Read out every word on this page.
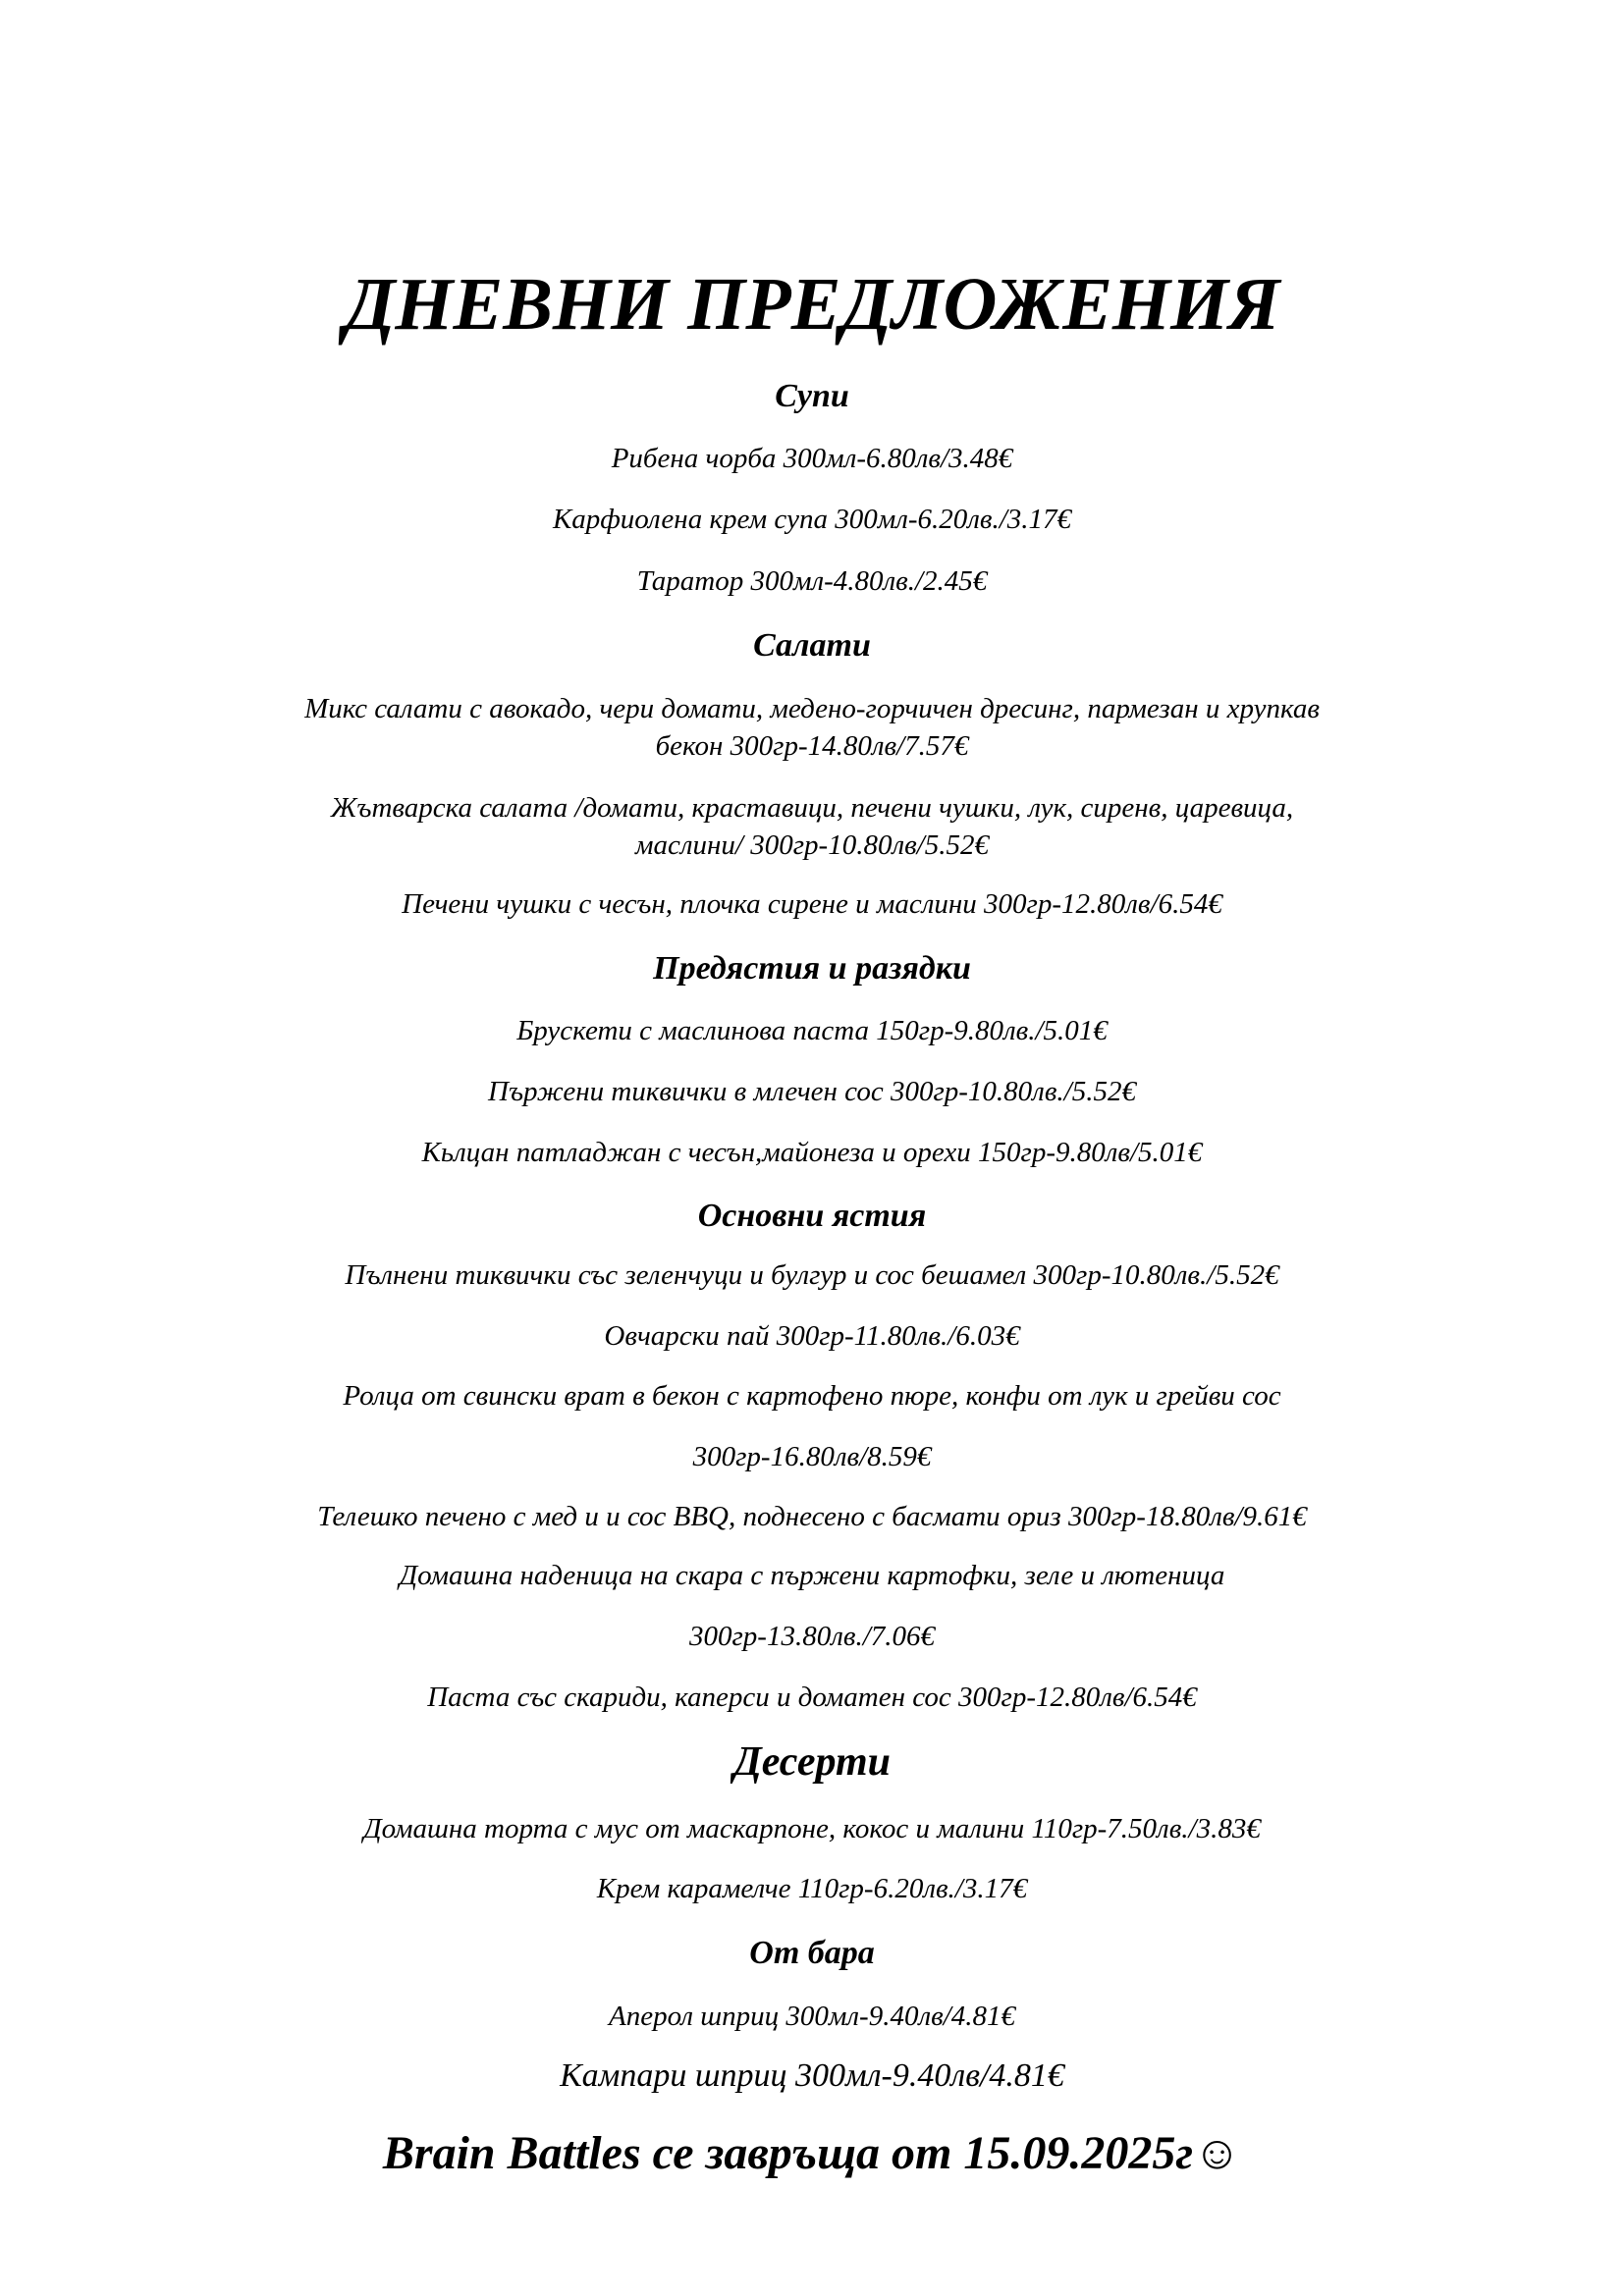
ДНЕВНИ ПРЕДЛОЖЕНИЯ
Супи
Рибена чорба 300мл-6.80лв/3.48€
Карфиолена крем супа 300мл-6.20лв./3.17€
Таратор 300мл-4.80лв./2.45€
Салати
Микс салати с авокадо, чери домати, медено-горчичен дресинг, пармезан и хрупкав
бекон 300гр-14.80лв/7.57€
Жътварска салата /домати, краставици, печени чушки, лук, сиренв, царевица,
маслини/ 300гр-10.80лв/5.52€
Печени чушки с чесън, плочка сирене и маслини 300гр-12.80лв/6.54€
Предястия и разядки
Брускети с маслинова паста 150гр-9.80лв./5.01€
Пържени тиквички в млечен сос 300гр-10.80лв./5.52€
Кьлцан патладжан с чесън,майонеза и орехи 150гр-9.80лв/5.01€
Основни ястия
Пълнени тиквички със зеленчуци и булгур и сос бешамел 300гр-10.80лв./5.52€
Овчарски пай 300гр-11.80лв./6.03€
Ролца от свински врат в бекон с картофено пюре, конфи от лук и грейви сос
300гр-16.80лв/8.59€
Телешко печено с мед и и сос BBQ, поднесено с басмати ориз 300гр-18.80лв/9.61€
Домашна наденица на скара с пържени картофки, зеле и лютеница
300гр-13.80лв./7.06€
Паста със скариди, каперси и доматен сос 300гр-12.80лв/6.54€
Десерти
Домашна торта с мус от маскарпоне, кокос и малини 110гр-7.50лв./3.83€
Крем карамелче 110гр-6.20лв./3.17€
От бара
Аперол шприц 300мл-9.40лв/4.81€
Кампари шприц 300мл-9.40лв/4.81€
Brain Battles се завръща от 15.09.2025г☺
